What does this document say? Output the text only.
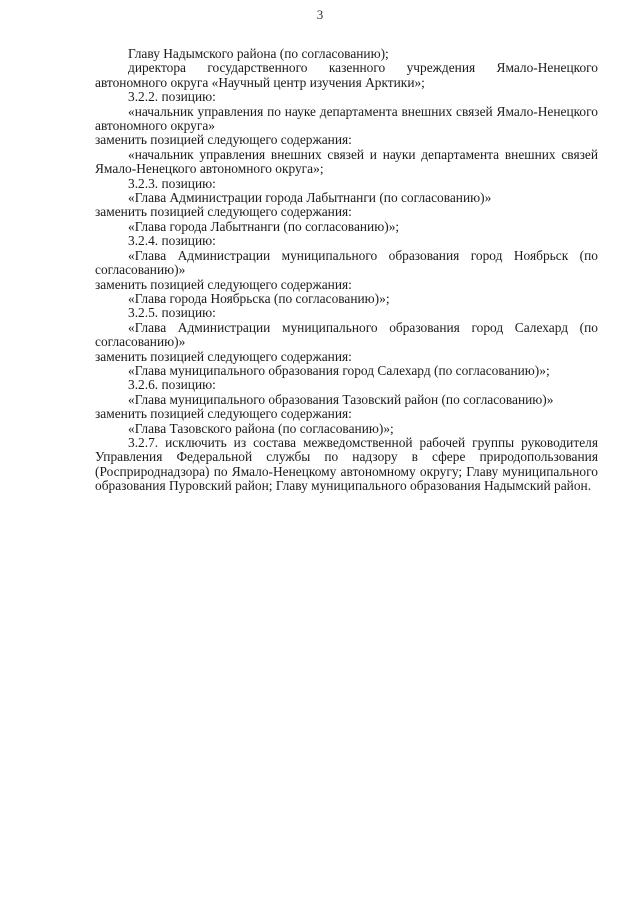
3

Главу Надымского района (по согласованию);

директора государственного казенного учреждения Ямало-Ненецкого автономного округа «Научный центр изучения Арктики»;

3.2.2. позицию:

«начальник управления по науке департамента внешних связей Ямало-Ненецкого автономного округа»

заменить позицией следующего содержания:

«начальник управления внешних связей и науки департамента внешних связей Ямало-Ненецкого автономного округа»;

3.2.3. позицию:

«Глава Администрации города Лабытнанги (по согласованию)»

заменить позицией следующего содержания:

«Глава города Лабытнанги (по согласованию)»;

3.2.4. позицию:

«Глава Администрации муниципального образования город Ноябрьск (по согласованию)»

заменить позицией следующего содержания:

«Глава города Ноябрьска (по согласованию)»;

3.2.5. позицию:

«Глава Администрации муниципального образования город Салехард (по согласованию)»

заменить позицией следующего содержания:

«Глава муниципального образования город Салехард (по согласованию)»;

3.2.6. позицию:

«Глава муниципального образования Тазовский район (по согласованию)»

заменить позицией следующего содержания:

«Глава Тазовского района (по согласованию)»;

3.2.7. исключить из состава межведомственной рабочей группы руководителя Управления Федеральной службы по надзору в сфере природопользования (Росприроднадзора) по Ямало-Ненецкому автономному округу; Главу муниципального образования Пуровский район; Главу муниципального образования Надымский район.
